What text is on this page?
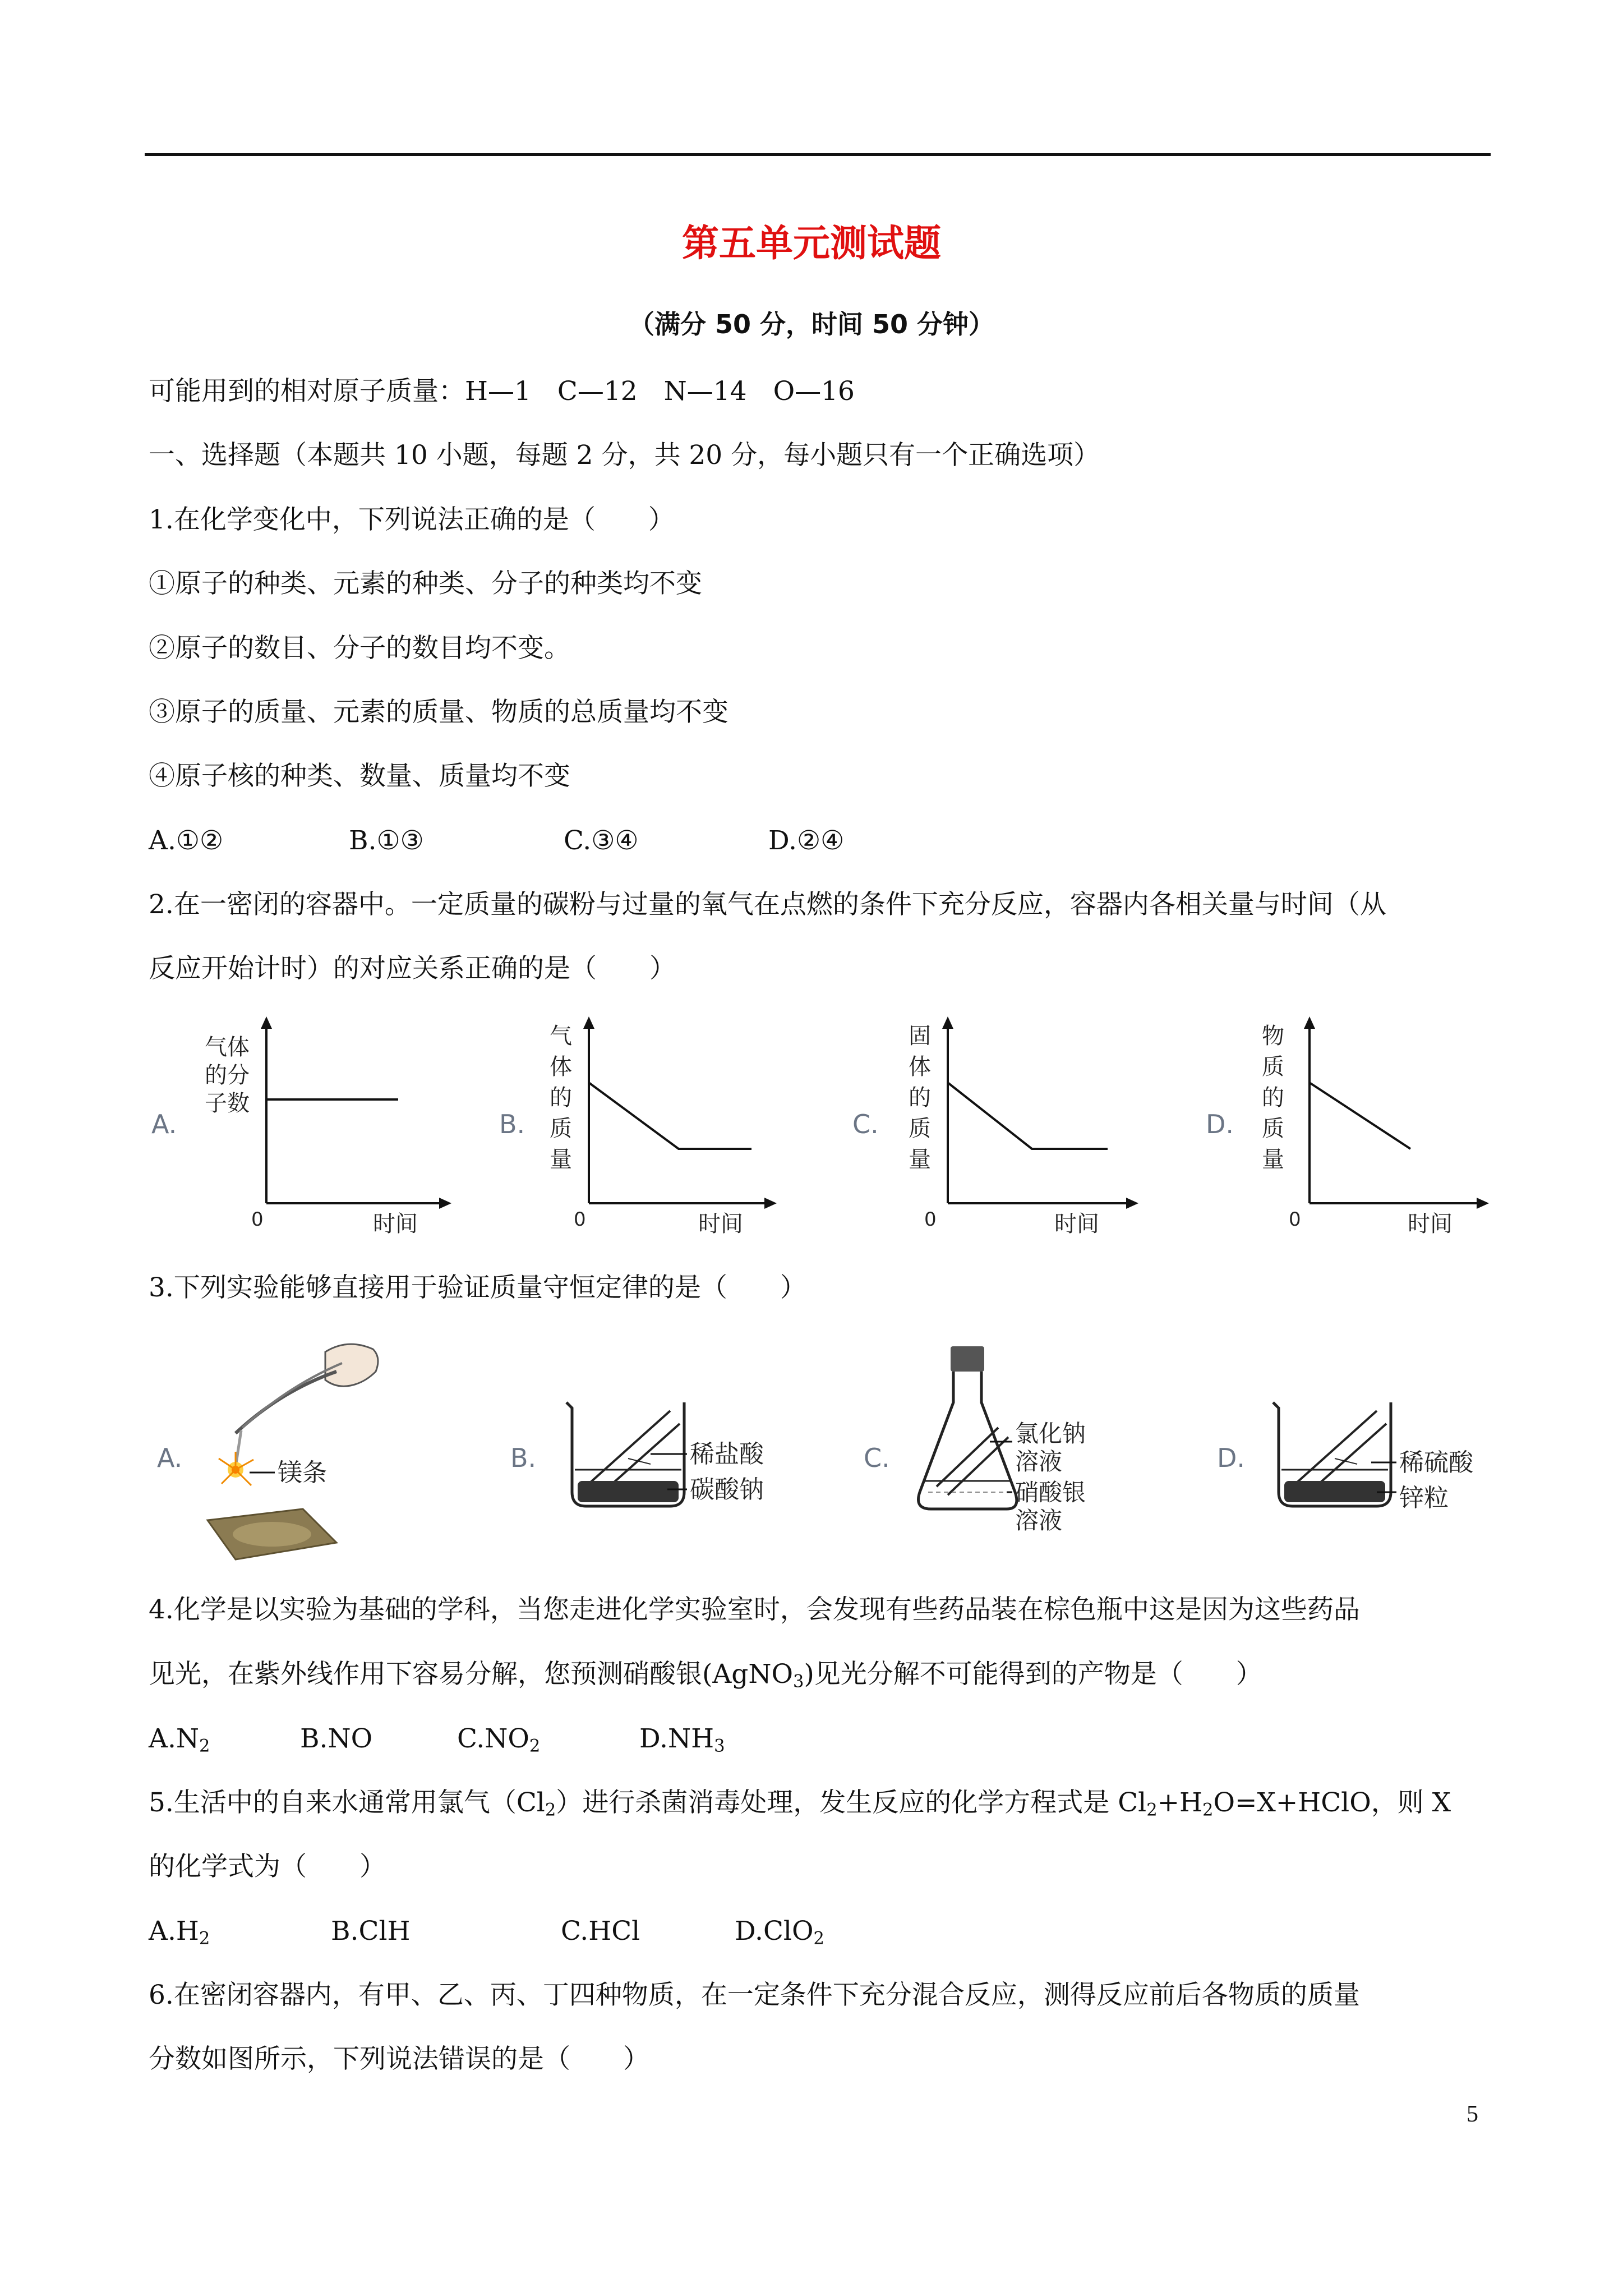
第五单元测试题
（满分 50 分，时间 50 分钟）
可能用到的相对原子质量：H—1　C—12　N—14　O—16
一、选择题（本题共 10 小题，每题 2 分，共 20 分，每小题只有一个正确选项）
1.在化学变化中，下列说法正确的是（　　）
①原子的种类、元素的种类、分子的种类均不变
②原子的数目、分子的数目均不变。
③原子的质量、元素的质量、物质的总质量均不变
④原子核的种类、数量、质量均不变
A.①②	B.①③	C.③④	D.②④
2.在一密闭的容器中。一定质量的碳粉与过量的氧气在点燃的条件下充分反应，容器内各相关量与时间（从
反应开始计时）的对应关系正确的是（　　）
A.
气体
的分
子数
0	时间
B.
气
体
的
质
量
0	时间
C.
固
体
的
质
量
0	时间
D.
物
质
的
质
量
0	时间
3.下列实验能够直接用于验证质量守恒定律的是（　　）
A.	镁条	B.	稀盐酸
碳酸钠
C.
氯化钠
溶液
硝酸银
溶液
D.	稀硫酸
锌粒
4.化学是以实验为基础的学科，当您走进化学实验室时，会发现有些药品装在棕色瓶中这是因为这些药品
见光，在紫外线作用下容易分解，您预测硝酸银(AgNO$_3$)见光分解不可能得到的产物是（　　）
$A.N_2$	B.NO	$C.NO_2$	$D.NH_3$
5.生活中的自来水通常用氯气$(Cl_2)$进行杀菌消毒处理，发生反应的化学方程式是 $Cl_2+H_2O=X+HClO$，则 X
的化学式为（　　）
$A.H_2$	B.ClH	C.HCl	D.ClO$_2$
6.在密闭容器内，有甲、乙、丙、丁四种物质，在一定条件下充分混合反应，测得反应前后各物质的质量
分数如图所示，下列说法错误的是（　　）
5
